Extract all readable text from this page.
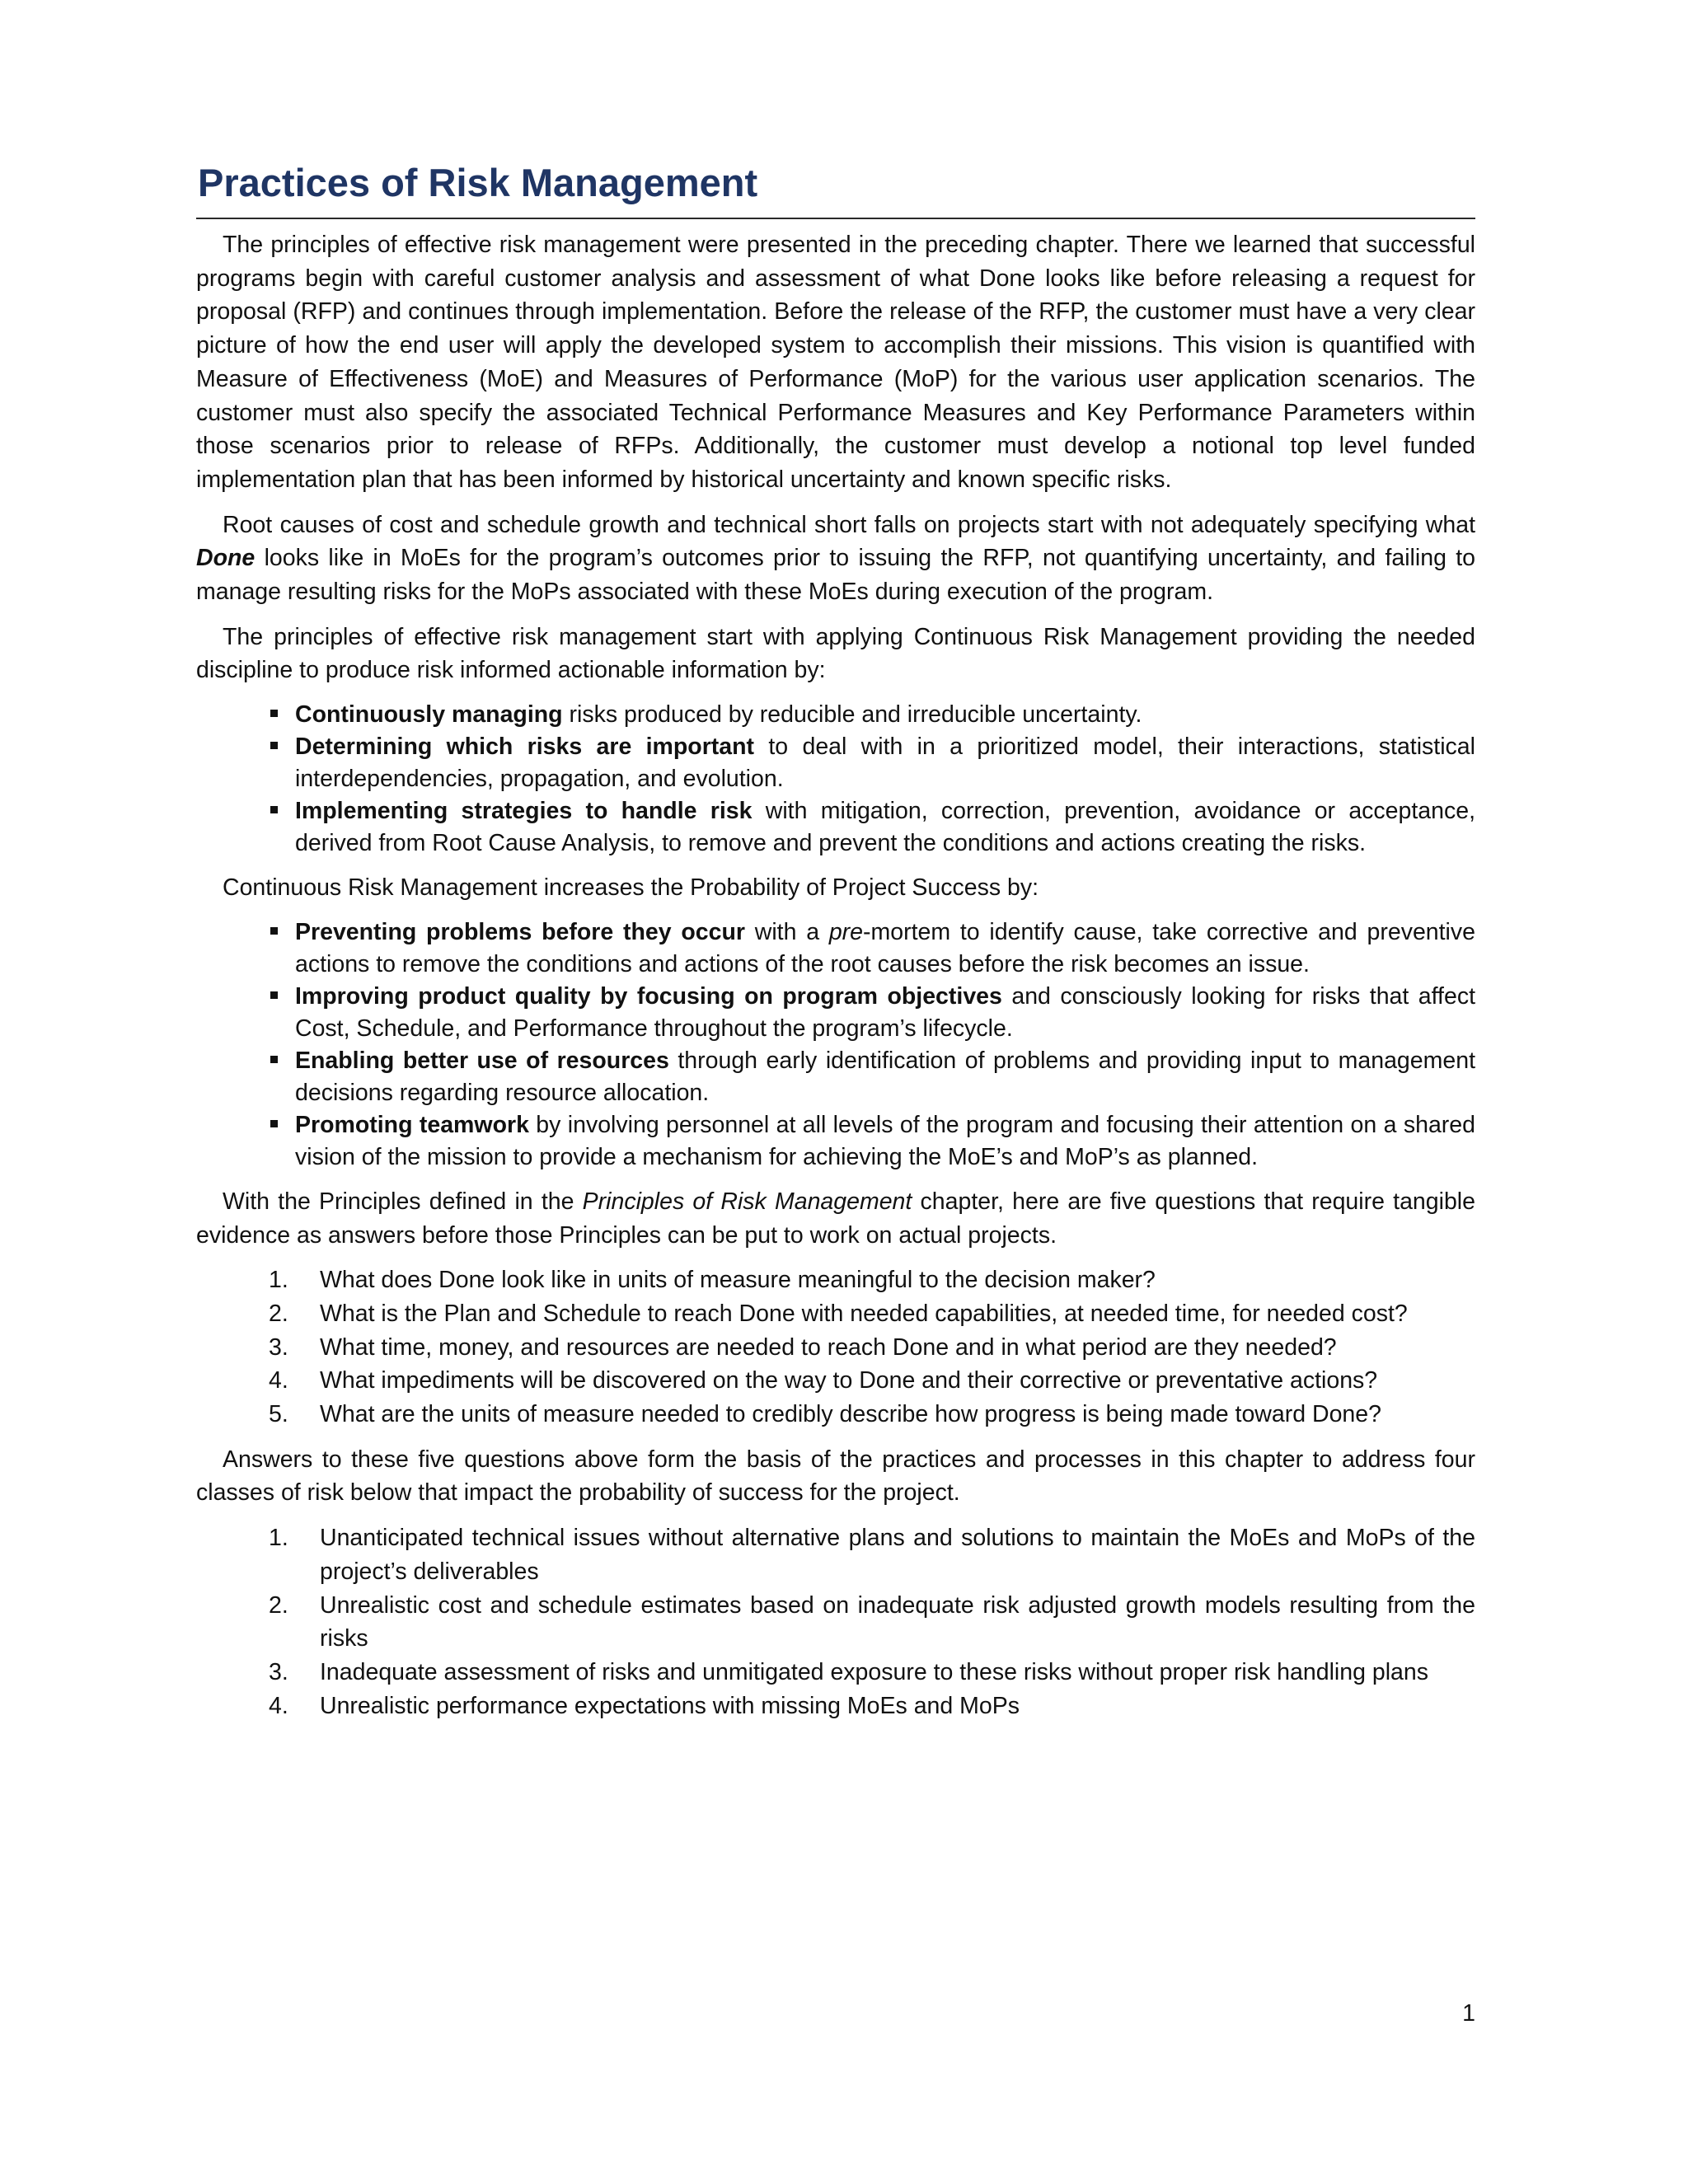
Practices of Risk Management

The principles of effective risk management were presented in the preceding chapter. There we learned that successful programs begin with careful customer analysis and assessment of what Done looks like before releasing a request for proposal (RFP) and continues through implementation. Before the release of the RFP, the customer must have a very clear picture of how the end user will apply the developed system to accomplish their missions. This vision is quantified with Measure of Effectiveness (MoE) and Measures of Performance (MoP) for the various user application scenarios. The customer must also specify the associated Technical Performance Measures and Key Performance Parameters within those scenarios prior to release of RFPs. Additionally, the customer must develop a notional top level funded implementation plan that has been informed by historical uncertainty and known specific risks.

Root causes of cost and schedule growth and technical short falls on projects start with not adequately specifying what Done looks like in MoEs for the program’s outcomes prior to issuing the RFP, not quantifying uncertainty, and failing to manage resulting risks for the MoPs associated with these MoEs during execution of the program.

The principles of effective risk management start with applying Continuous Risk Management providing the needed discipline to produce risk informed actionable information by:

Continuously managing risks produced by reducible and irreducible uncertainty.
Determining which risks are important to deal with in a prioritized model, their interactions, statistical interdependencies, propagation, and evolution.
Implementing strategies to handle risk with mitigation, correction, prevention, avoidance or acceptance, derived from Root Cause Analysis, to remove and prevent the conditions and actions creating the risks.

Continuous Risk Management increases the Probability of Project Success by:

Preventing problems before they occur with a pre-mortem to identify cause, take corrective and preventive actions to remove the conditions and actions of the root causes before the risk becomes an issue.
Improving product quality by focusing on program objectives and consciously looking for risks that affect Cost, Schedule, and Performance throughout the program’s lifecycle.
Enabling better use of resources through early identification of problems and providing input to management decisions regarding resource allocation.
Promoting teamwork by involving personnel at all levels of the program and focusing their attention on a shared vision of the mission to provide a mechanism for achieving the MoE’s and MoP’s as planned.

With the Principles defined in the Principles of Risk Management chapter, here are five questions that require tangible evidence as answers before those Principles can be put to work on actual projects.

1. What does Done look like in units of measure meaningful to the decision maker?
2. What is the Plan and Schedule to reach Done with needed capabilities, at needed time, for needed cost?
3. What time, money, and resources are needed to reach Done and in what period are they needed?
4. What impediments will be discovered on the way to Done and their corrective or preventative actions?
5. What are the units of measure needed to credibly describe how progress is being made toward Done?

Answers to these five questions above form the basis of the practices and processes in this chapter to address four classes of risk below that impact the probability of success for the project.

1. Unanticipated technical issues without alternative plans and solutions to maintain the MoEs and MoPs of the project’s deliverables
2. Unrealistic cost and schedule estimates based on inadequate risk adjusted growth models resulting from the risks
3. Inadequate assessment of risks and unmitigated exposure to these risks without proper risk handling plans
4. Unrealistic performance expectations with missing MoEs and MoPs
1
